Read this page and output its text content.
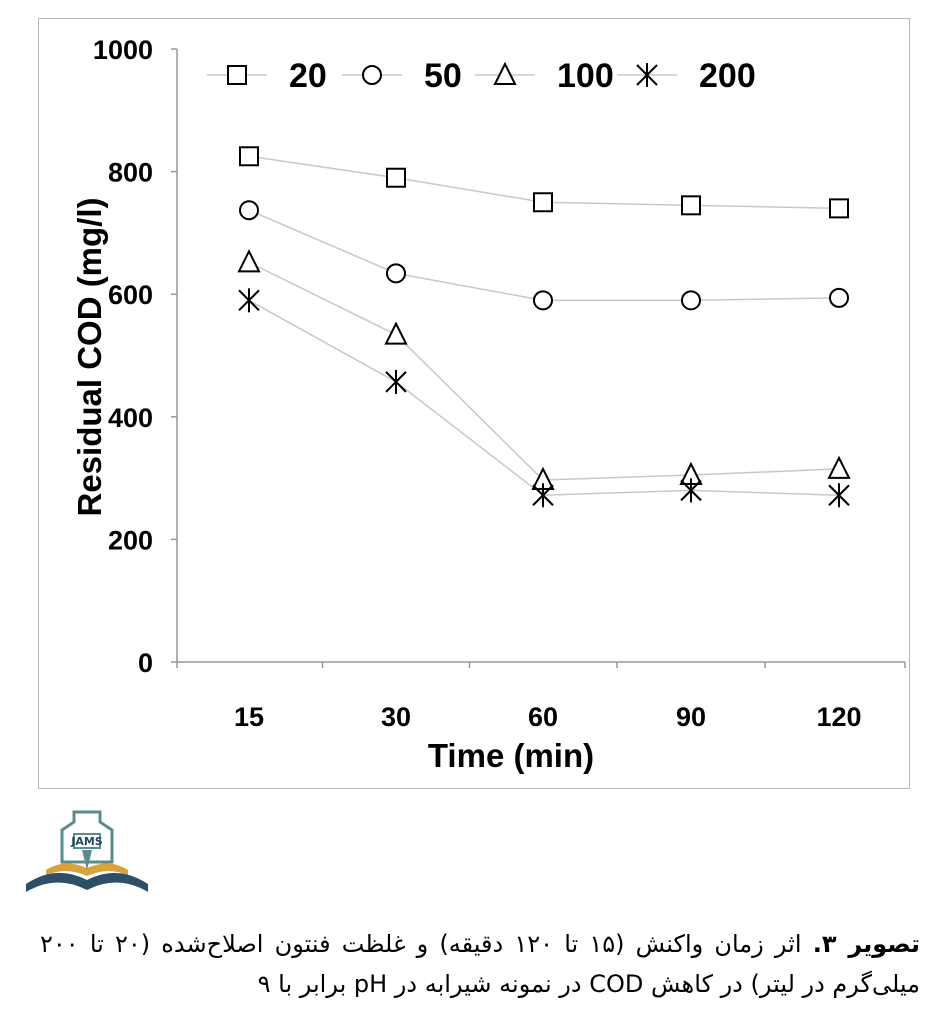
0
200
400
600
800
1000
15	30	60	90	120
Time (min)
Residual COD (mg/l)
20	50	100	200
JAMS
تصویر ۳. اثر زمان واکنش (۱۵ تا ۱۲۰ دقیقه) و غلظت فنتون اصلاح‌شده (۲۰ تا ۲۰۰ میلی‌گرم در لیتر) در کاهش COD در نمونه شیرابه در pH برابر با ۹
